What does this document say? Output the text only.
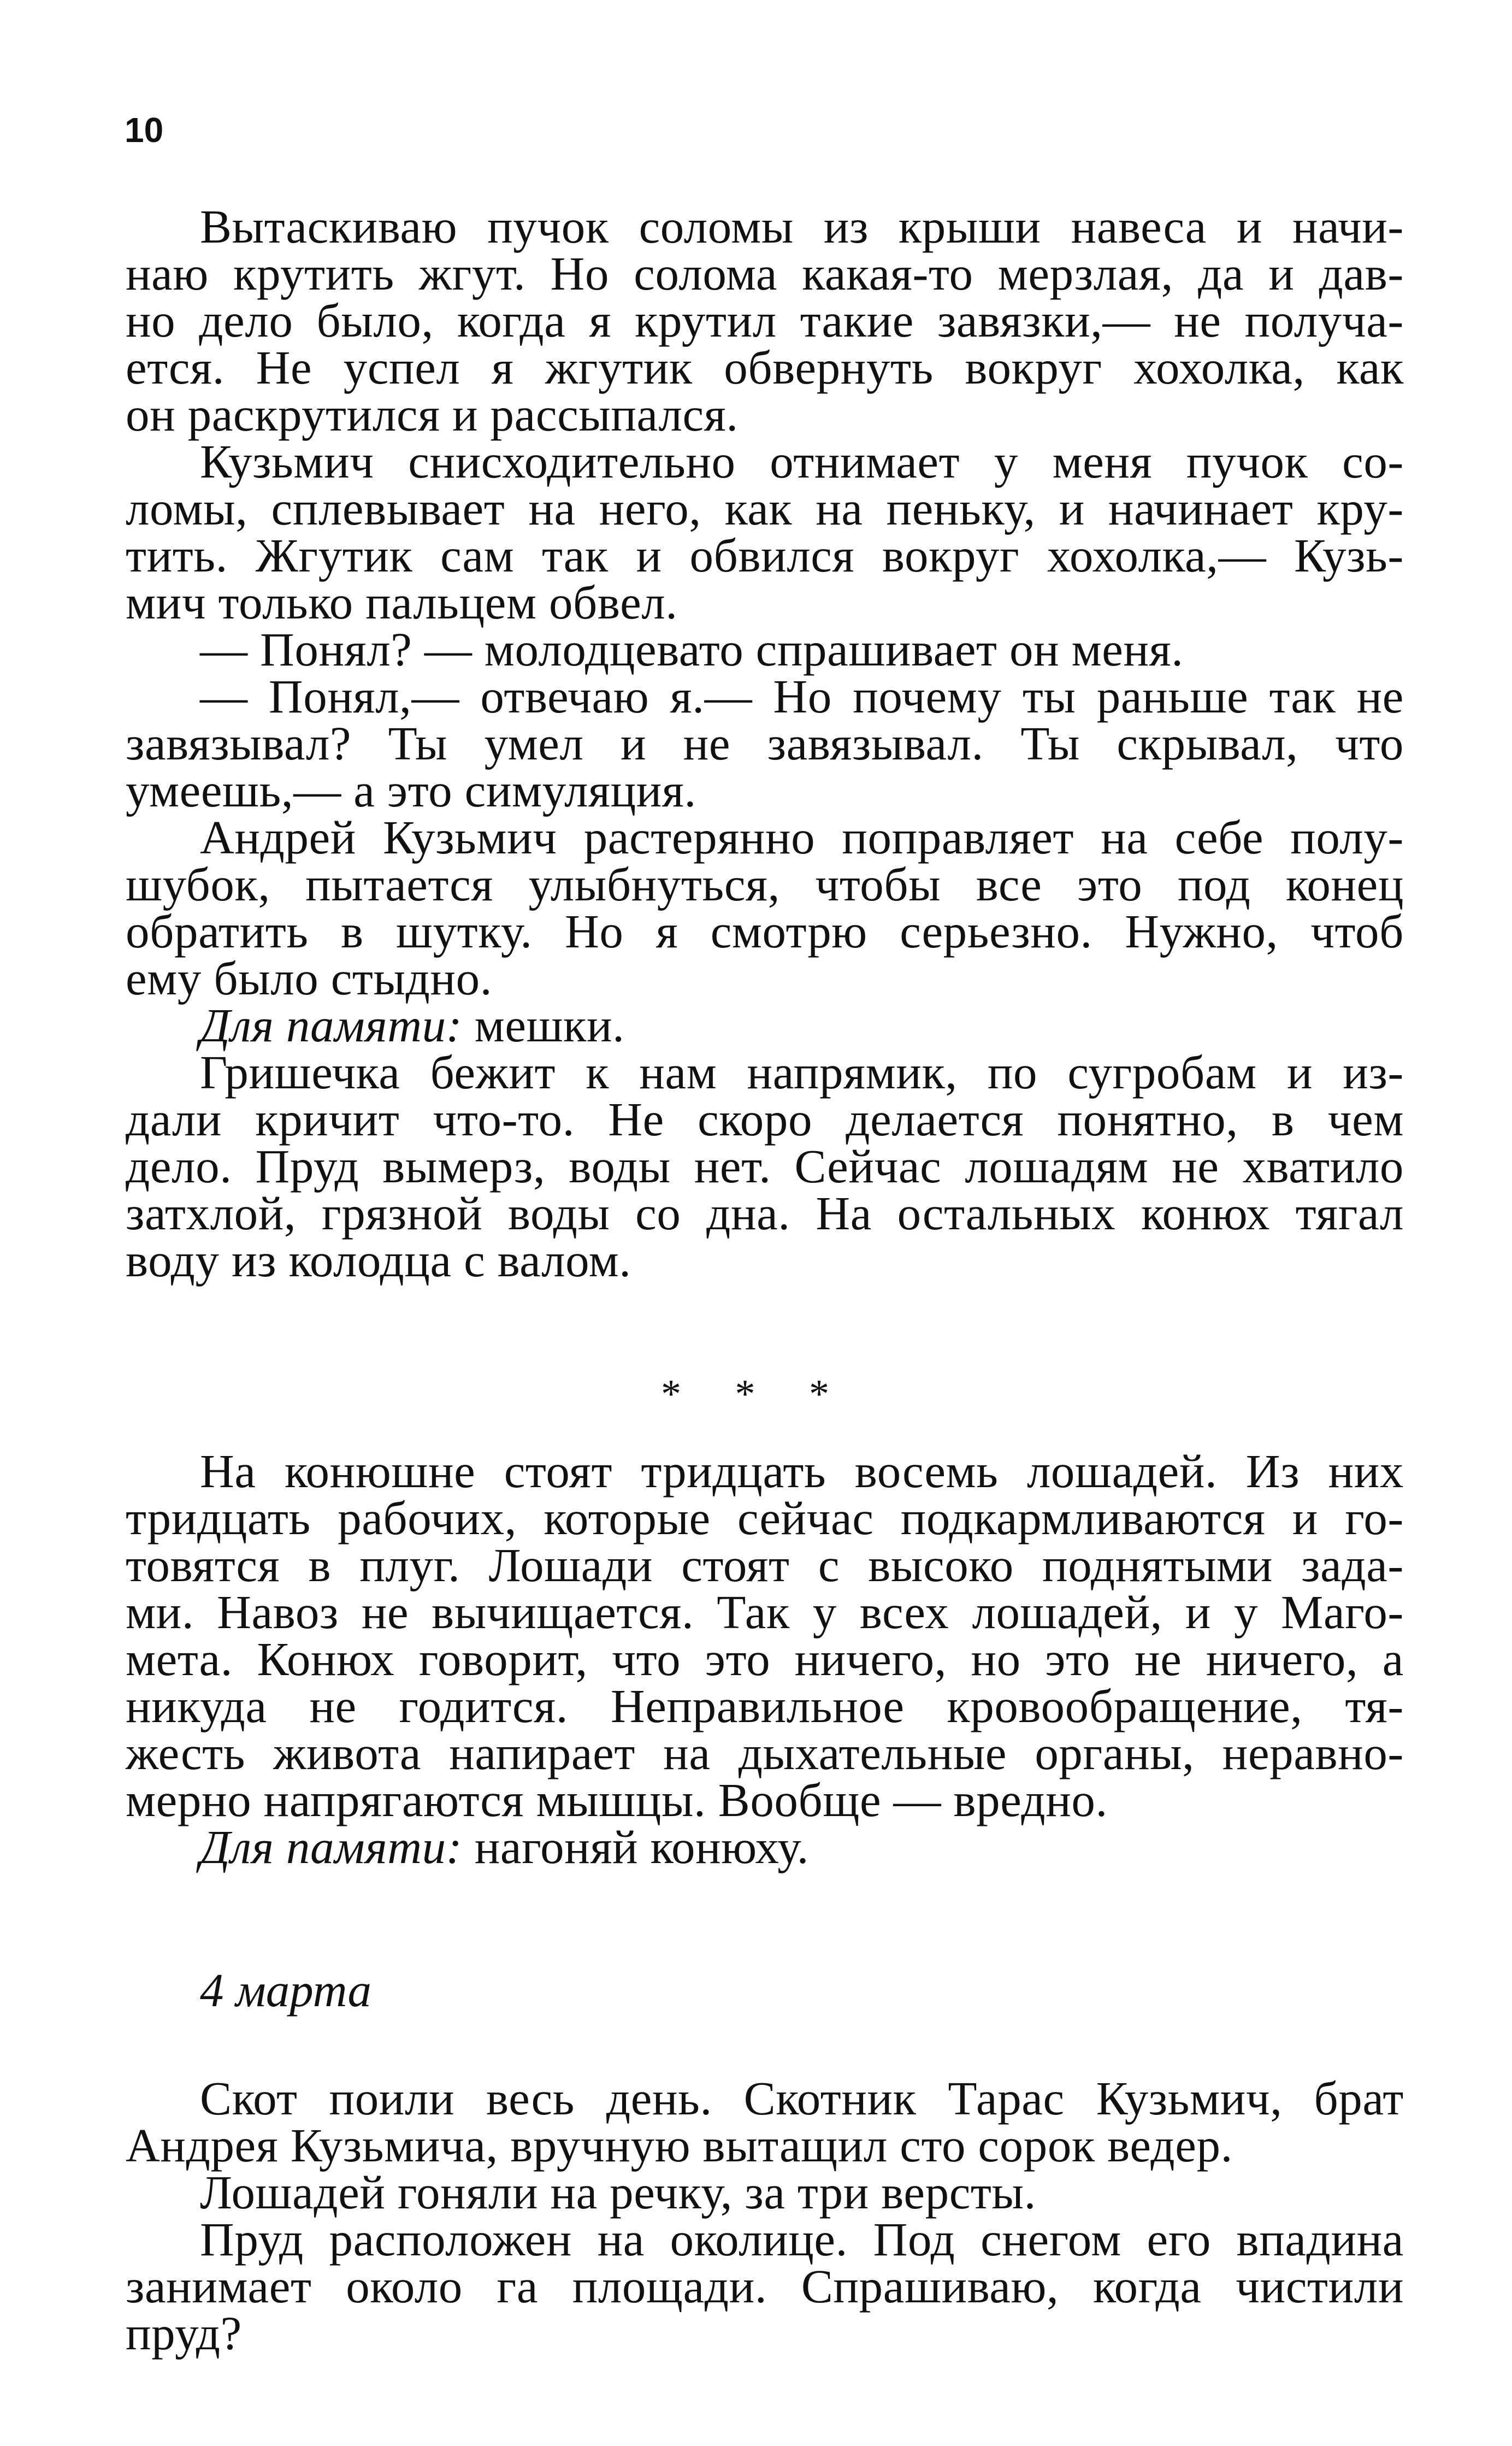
10
Вытаскиваю пучок соломы из крыши навеса и начи-
наю крутить жгут. Но солома какая-то мерзлая, да и дав-
но дело было, когда я крутил такие завязки,— не получа-
ется. Не успел я жгутик обвернуть вокруг хохолка, как
он раскрутился и рассыпался.
Кузьмич снисходительно отнимает у меня пучок со-
ломы, сплевывает на него, как на пеньку, и начинает кру-
тить. Жгутик сам так и обвился вокруг хохолка,— Кузь-
мич только пальцем обвел.
— Понял? — молодцевато спрашивает он меня.
— Понял,— отвечаю я.— Но почему ты раньше так не
завязывал? Ты умел и не завязывал. Ты скрывал, что
умеешь,— а это симуляция.
Андрей Кузьмич растерянно поправляет на себе полу-
шубок, пытается улыбнуться, чтобы все это под конец
обратить в шутку. Но я смотрю серьезно. Нужно, чтоб
ему было стыдно.
Для памяти: мешки.
Гришечка бежит к нам напрямик, по сугробам и из-
дали кричит что-то. Не скоро делается понятно, в чем
дело. Пруд вымерз, воды нет. Сейчас лошадям не хватило
затхлой, грязной воды со дна. На остальных конюх тягал
воду из колодца с валом.
* * *
На конюшне стоят тридцать восемь лошадей. Из них
тридцать рабочих, которые сейчас подкармливаются и го-
товятся в плуг. Лошади стоят с высоко поднятыми зада-
ми. Навоз не вычищается. Так у всех лошадей, и у Маго-
мета. Конюх говорит, что это ничего, но это не ничего, а
никуда не годится. Неправильное кровообращение, тя-
жесть живота напирает на дыхательные органы, неравно-
мерно напрягаются мышцы. Вообще — вредно.
Для памяти: нагоняй конюху.
4 марта
Скот поили весь день. Скотник Тарас Кузьмич, брат
Андрея Кузьмича, вручную вытащил сто сорок ведер.
Лошадей гоняли на речку, за три версты.
Пруд расположен на околице. Под снегом его впадина
занимает около га площади. Спрашиваю, когда чистили
пруд?
